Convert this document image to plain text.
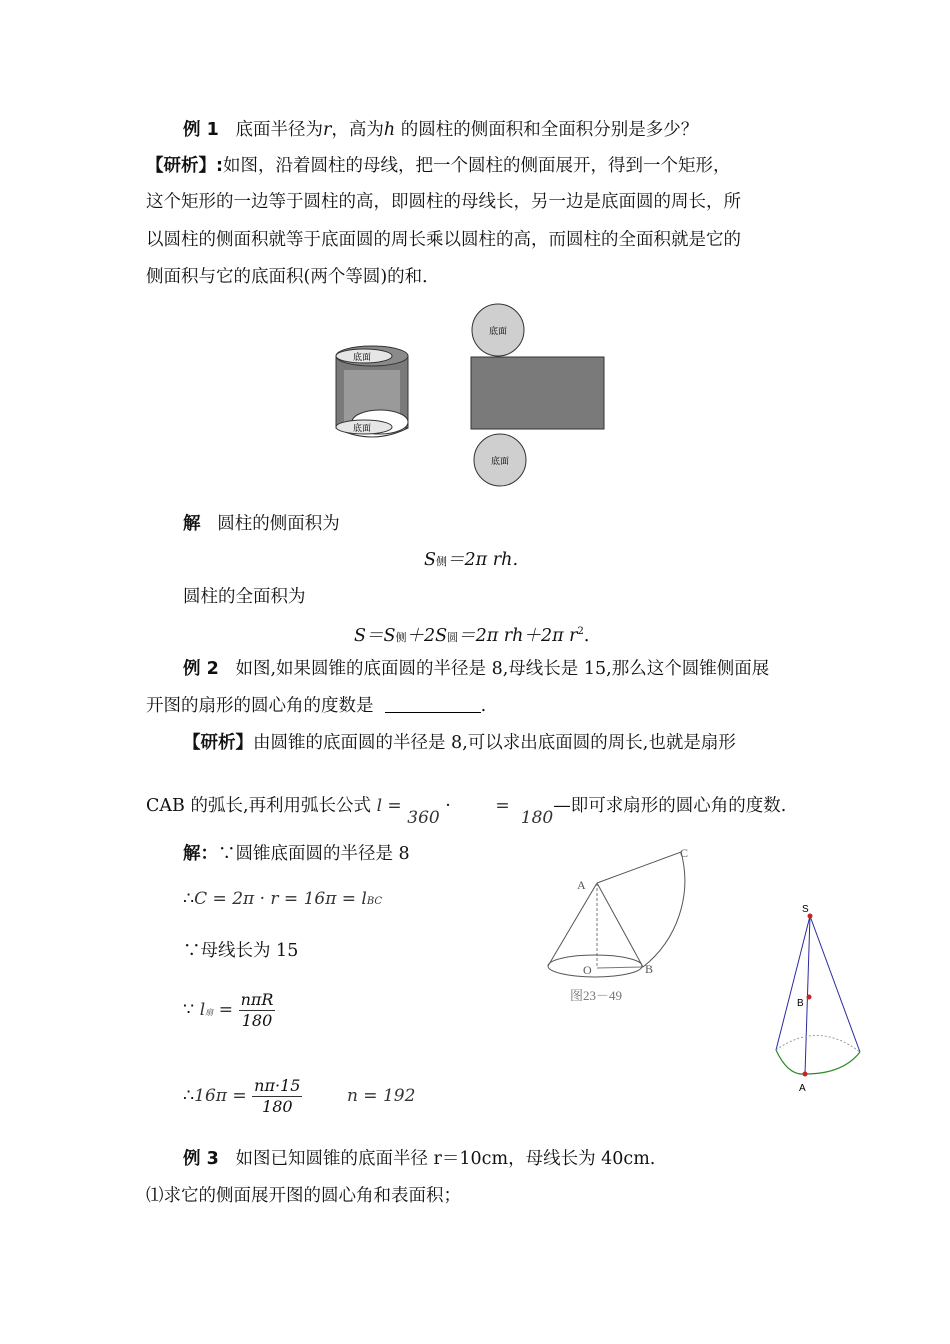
例 1 底面半径为r，高为h 的圆柱的侧面积和全面积分别是多少？
【研析】:如图，沿着圆柱的母线，把一个圆柱的侧面展开，得到一个矩形，
这个矩形的一边等于圆柱的高，即圆柱的母线长，另一边是底面圆的周长，所
以圆柱的侧面积就等于底面圆的周长乘以圆柱的高，而圆柱的全面积就是它的
侧面积与它的底面积(两个等圆)的和．
底面
底面
底面
底面
解 圆柱的侧面积为
S侧＝2π rh．
圆柱的全面积为
S＝S侧＋2S圆＝2π rh＋2π $r^2$．
例 2 如图,如果圆锥的底面圆的半径是 8,母线长是 15,那么这个圆锥侧面展
开图的扇形的圆心角的度数是	.
【研析】由圆锥的底面圆的半径是 8,可以求出底面圆的周长,也就是扇形
CAB 的弧长,再利用弧长公式 l = 360 ·	=  180—即可求扇形的圆心角的度数.
解：∵圆锥底面圆的半径是 8
∴C = 2π · r = 16π = lBC
∵母线长为 15
∵ l扇 = $\frac{\text{nπR}}{180}$
∴16π = $\frac{n\pi\cdot 15}{180}$	n = 192
A
C
O	B
图23－49
S
B
A
例 3 如图已知圆锥的底面半径 r＝10cm，母线长为 40cm.
⑴求它的侧面展开图的圆心角和表面积；
